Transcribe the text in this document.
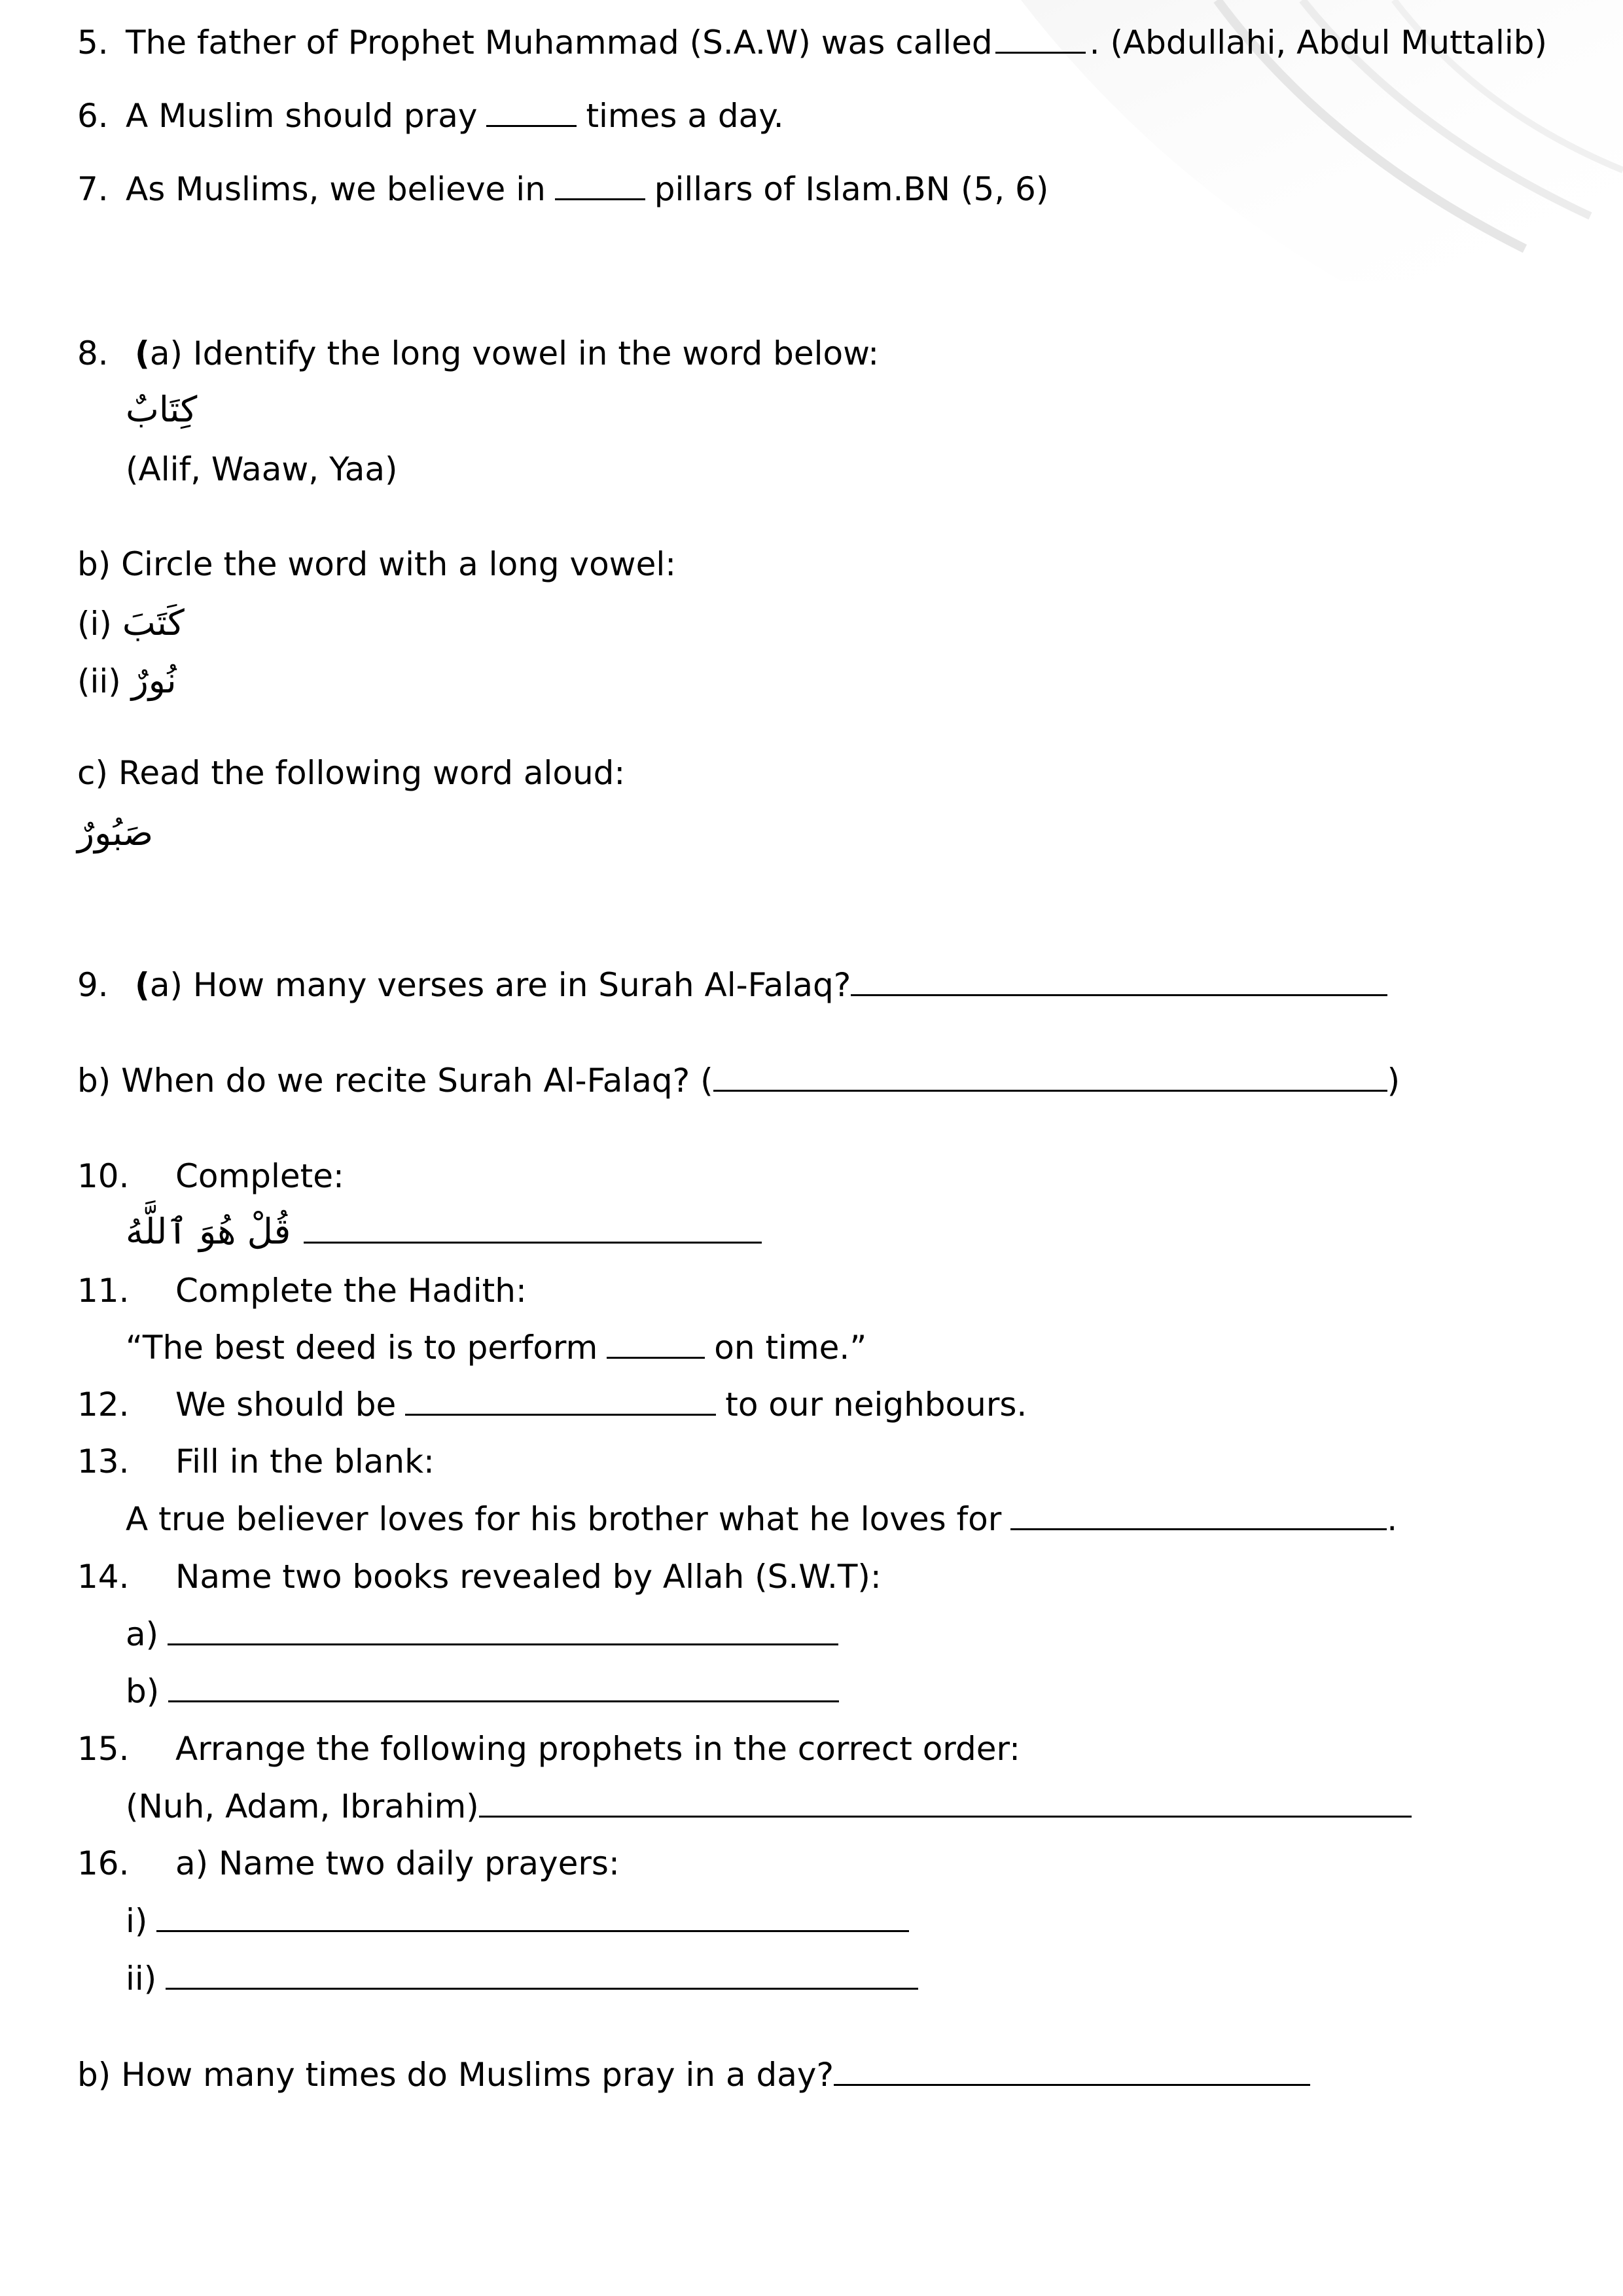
5. The father of Prophet Muhammad (S.A.W) was called	. (Abdullahi, Abdul Muttalib)
6. A Muslim should pray	times a day.
7. As Muslims, we believe in	pillars of Islam.BN (5, 6)
8. (a) Identify the long vowel in the word below:
كِتَابٌ
(Alif, Waaw, Yaa)
b) Circle the word with a long vowel:
(i) كَتَبَ
(ii) نُورٌ
c) Read the following word aloud:
صَبُورٌ
9. (a) How many verses are in Surah Al-Falaq?
b) When do we recite Surah Al-Falaq? (	)
10. Complete:
قُلْ هُوَ ٱللَّهُ
11. Complete the Hadith:
“The best deed is to perform	on time.”
12. We should be	to our neighbours.
13. Fill in the blank:
A true believer loves for his brother what he loves for	.
14. Name two books revealed by Allah (S.W.T):
a)
b)
15. Arrange the following prophets in the correct order:
(Nuh, Adam, Ibrahim)
16. a) Name two daily prayers:
i)
ii)
b) How many times do Muslims pray in a day?
